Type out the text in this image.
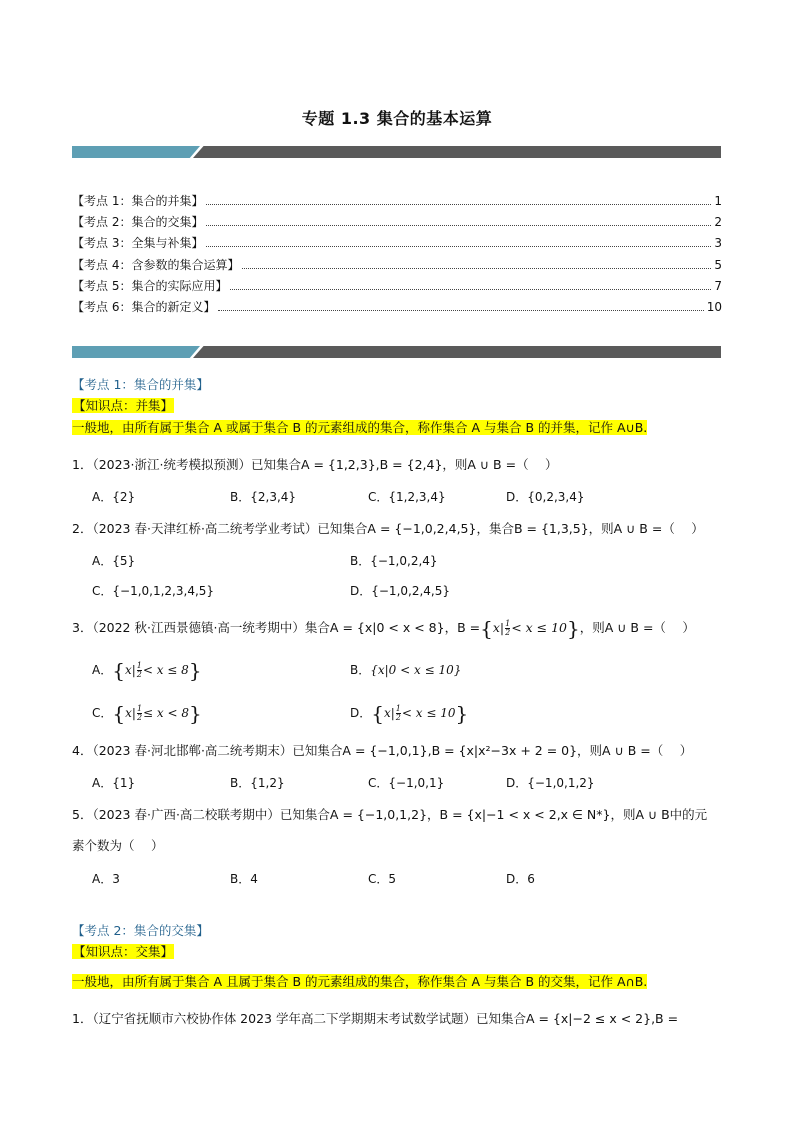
专题 1.3 集合的基本运算
【考点 1：集合的并集】	1
【考点 2：集合的交集】	2
【考点 3：全集与补集】	3
【考点 4：含参数的集合运算】	5
【考点 5：集合的实际应用】	7
【考点 6：集合的新定义】	10
【考点 1：集合的并集】
【知识点：并集】
一般地，由所有属于集合 A 或属于集合 B 的元素组成的集合，称作集合 A 与集合 B 的并集，记作 A∪B.
1．（2023·浙江·统考模拟预测）已知集合A = {1,2,3},B = {2,4}，则A ∪ B =（　 ）
A．{2}	B．{2,3,4}	C．{1,2,3,4}	D．{0,2,3,4}
2．（2023 春·天津红桥·高二统考学业考试）已知集合A = {−1,0,2,4,5}，集合B = {1,3,5}，则A ∪ B =（　 ）
A．{5}	B．{−1,0,2,4}
C．{−1,0,1,2,3,4,5}	D．{−1,0,2,4,5}
3．（2022 秋·江西景德镇·高一统考期中）集合A = {x|0 < x < 8}，$B =\{x| \frac{1}{2} < x \le 10\}$，则A ∪ B =（　 ）
A．$\{x| \frac{1}{2} < x \le 8\}$	B．{x|0 < x ≤ 10}
C．$\{x| \frac{1}{2} \le x < 8\}$	D．$\{x| \frac{1}{2} < x \le 10\}$
4．（2023 春·河北邯郸·高二统考期末）已知集合A = {−1,0,1},B = {x|x²−3x + 2 = 0}，则A ∪ B =（　 ）
A．{1}	B．{1,2}	C．{−1,0,1}	D．{−1,0,1,2}
5．（2023 春·广西·高二校联考期中）已知集合A = {−1,0,1,2}，B = {x|−1 < x < 2,x ∈ N*}，则A ∪ B中的元
素个数为（　 ）
A．3	B．4	C．5	D．6
【考点 2：集合的交集】
【知识点：交集】
一般地，由所有属于集合 A 且属于集合 B 的元素组成的集合，称作集合 A 与集合 B 的交集，记作 A∩B.
1．（辽宁省抚顺市六校协作体 2023 学年高二下学期期末考试数学试题）已知集合A = {x|−2 ≤ x < 2},B =
